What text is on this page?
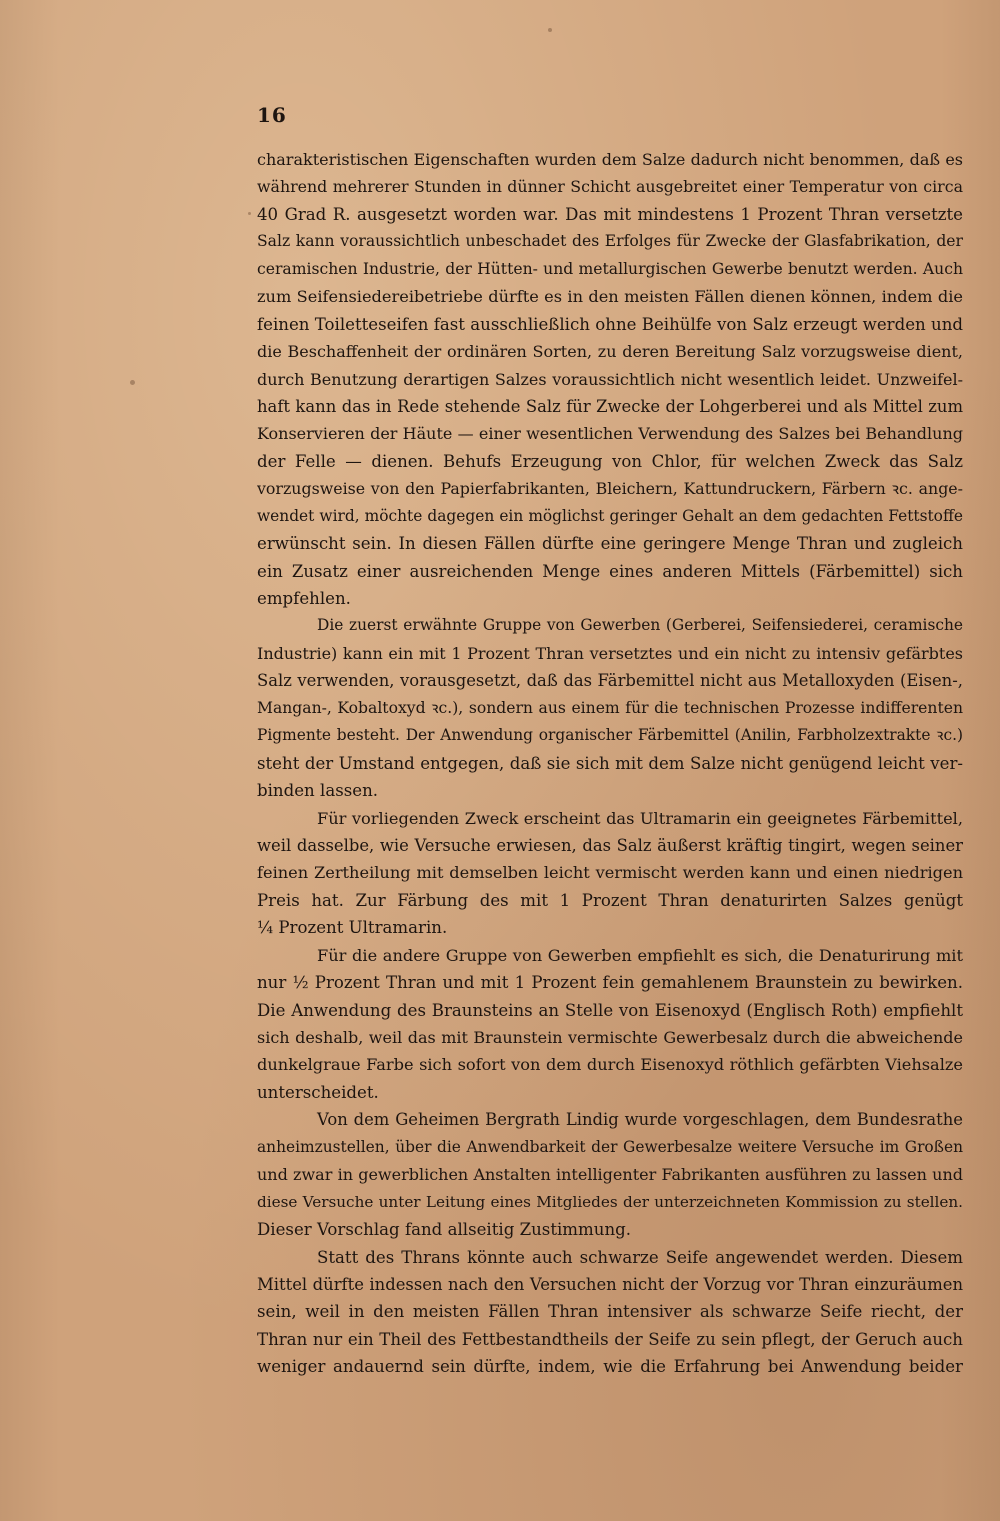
16
charakteristischen Eigenschaften wurden dem Salze dadurch nicht benommen, daß es
während mehrerer Stunden in dünner Schicht ausgebreitet einer Temperatur von circa
40 Grad R. ausgesetzt worden war. Das mit mindestens 1 Prozent Thran versetzte
Salz kann voraussichtlich unbeschadet des Erfolges für Zwecke der Glasfabrikation, der
ceramischen Industrie, der Hütten- und metallurgischen Gewerbe benutzt werden. Auch
zum Seifensiedereibetriebe dürfte es in den meisten Fällen dienen können, indem die
feinen Toiletteseifen fast ausschließlich ohne Beihülfe von Salz erzeugt werden und
die Beschaffenheit der ordinären Sorten, zu deren Bereitung Salz vorzugsweise dient,
durch Benutzung derartigen Salzes voraussichtlich nicht wesentlich leidet. Unzweifel-
haft kann das in Rede stehende Salz für Zwecke der Lohgerberei und als Mittel zum
Konservieren der Häute — einer wesentlichen Verwendung des Salzes bei Behandlung
der Felle — dienen. Behufs Erzeugung von Chlor, für welchen Zweck das Salz
vorzugsweise von den Papierfabrikanten, Bleichern, Kattundruckern, Färbern ꝛc. ange-
wendet wird, möchte dagegen ein möglichst geringer Gehalt an dem gedachten Fettstoffe
erwünscht sein. In diesen Fällen dürfte eine geringere Menge Thran und zugleich
ein Zusatz einer ausreichenden Menge eines anderen Mittels (Färbemittel) sich
empfehlen.
Die zuerst erwähnte Gruppe von Gewerben (Gerberei, Seifensiederei, ceramische
Industrie) kann ein mit 1 Prozent Thran versetztes und ein nicht zu intensiv gefärbtes
Salz verwenden, vorausgesetzt, daß das Färbemittel nicht aus Metalloxyden (Eisen-,
Mangan-, Kobaltoxyd ꝛc.), sondern aus einem für die technischen Prozesse indifferenten
Pigmente besteht. Der Anwendung organischer Färbemittel (Anilin, Farbholzextrakte ꝛc.)
steht der Umstand entgegen, daß sie sich mit dem Salze nicht genügend leicht ver-
binden lassen.
Für vorliegenden Zweck erscheint das Ultramarin ein geeignetes Färbemittel,
weil dasselbe, wie Versuche erwiesen, das Salz äußerst kräftig tingirt, wegen seiner
feinen Zertheilung mit demselben leicht vermischt werden kann und einen niedrigen
Preis hat. Zur Färbung des mit 1 Prozent Thran denaturirten Salzes genügt
¼ Prozent Ultramarin.
Für die andere Gruppe von Gewerben empfiehlt es sich, die Denaturirung mit
nur ½ Prozent Thran und mit 1 Prozent fein gemahlenem Braunstein zu bewirken.
Die Anwendung des Braunsteins an Stelle von Eisenoxyd (Englisch Roth) empfiehlt
sich deshalb, weil das mit Braunstein vermischte Gewerbesalz durch die abweichende
dunkelgraue Farbe sich sofort von dem durch Eisenoxyd röthlich gefärbten Viehsalze
unterscheidet.
Von dem Geheimen Bergrath Lindig wurde vorgeschlagen, dem Bundesrathe
anheimzustellen, über die Anwendbarkeit der Gewerbesalze weitere Versuche im Großen
und zwar in gewerblichen Anstalten intelligenter Fabrikanten ausführen zu lassen und
diese Versuche unter Leitung eines Mitgliedes der unterzeichneten Kommission zu stellen.
Dieser Vorschlag fand allseitig Zustimmung.
Statt des Thrans könnte auch schwarze Seife angewendet werden. Diesem
Mittel dürfte indessen nach den Versuchen nicht der Vorzug vor Thran einzuräumen
sein, weil in den meisten Fällen Thran intensiver als schwarze Seife riecht, der
Thran nur ein Theil des Fettbestandtheils der Seife zu sein pflegt, der Geruch auch
weniger andauernd sein dürfte, indem, wie die Erfahrung bei Anwendung beider
